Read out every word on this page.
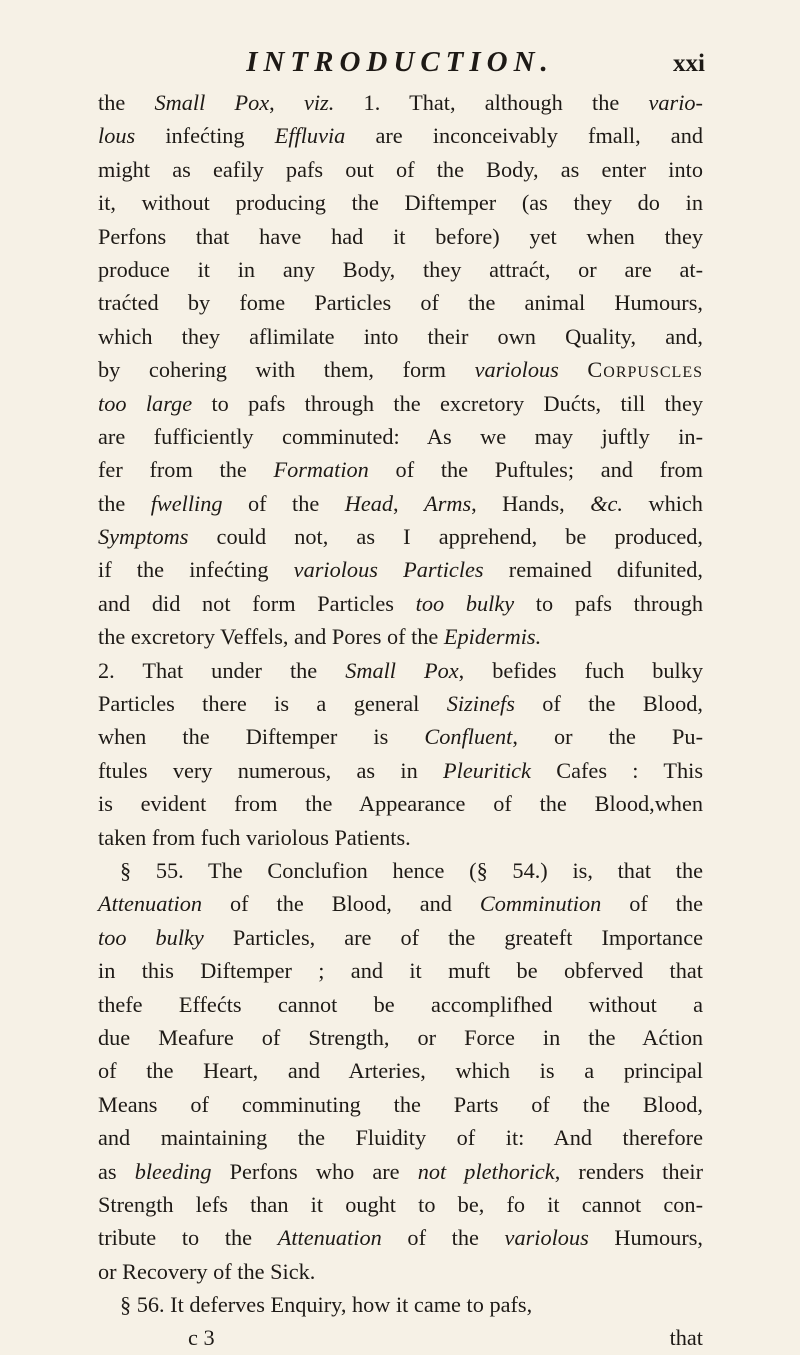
INTRODUCTION.	xxi
the Small Pox, viz. 1. That, although the vario-
lous infećting Effluvia are inconceivably fmall, and
might as eafily pafs out of the Body, as enter into
it, without producing the Diftemper (as they do in
Perfons that have had it before) yet when they
produce it in any Body, they attraćt, or are at-
traćted by fome Particles of the animal Humours,
which they aflimilate into their own Quality, and,
by cohering with them, form variolous Corpuscles
too large to pafs through the excretory Dućts, till they
are fufficiently comminuted: As we may juftly in-
fer from the Formation of the Puftules; and from
the fwelling of the Head, Arms, Hands, &c. which
Symptoms could not, as I apprehend, be produced,
if the infećting variolous Particles remained difunited,
and did not form Particles too bulky to pafs through
the excretory Veffels, and Pores of the Epidermis.
2. That under the Small Pox, befides fuch bulky
Particles there is a general Sizinefs of the Blood,
when the Diftemper is Confluent, or the Pu-
ftules very numerous, as in Pleuritick Cafes : This
is evident from the Appearance of the Blood,when
taken from fuch variolous Patients.
§ 55. The Conclufion hence (§ 54.) is, that the
Attenuation of the Blood, and Comminution of the
too bulky Particles, are of the greateft Importance
in this Diftemper ; and it muft be obferved that
thefe Effećts cannot be accomplifhed without a
due Meafure of Strength, or Force in the Aćtion
of the Heart, and Arteries, which is a principal
Means of comminuting the Parts of the Blood,
and maintaining the Fluidity of it: And therefore
as bleeding Perfons who are not plethorick, renders their
Strength lefs than it ought to be, fo it cannot con-
tribute to the Attenuation of the variolous Humours,
or Recovery of the Sick.
§ 56. It deferves Enquiry, how it came to pafs,
c 3	that
